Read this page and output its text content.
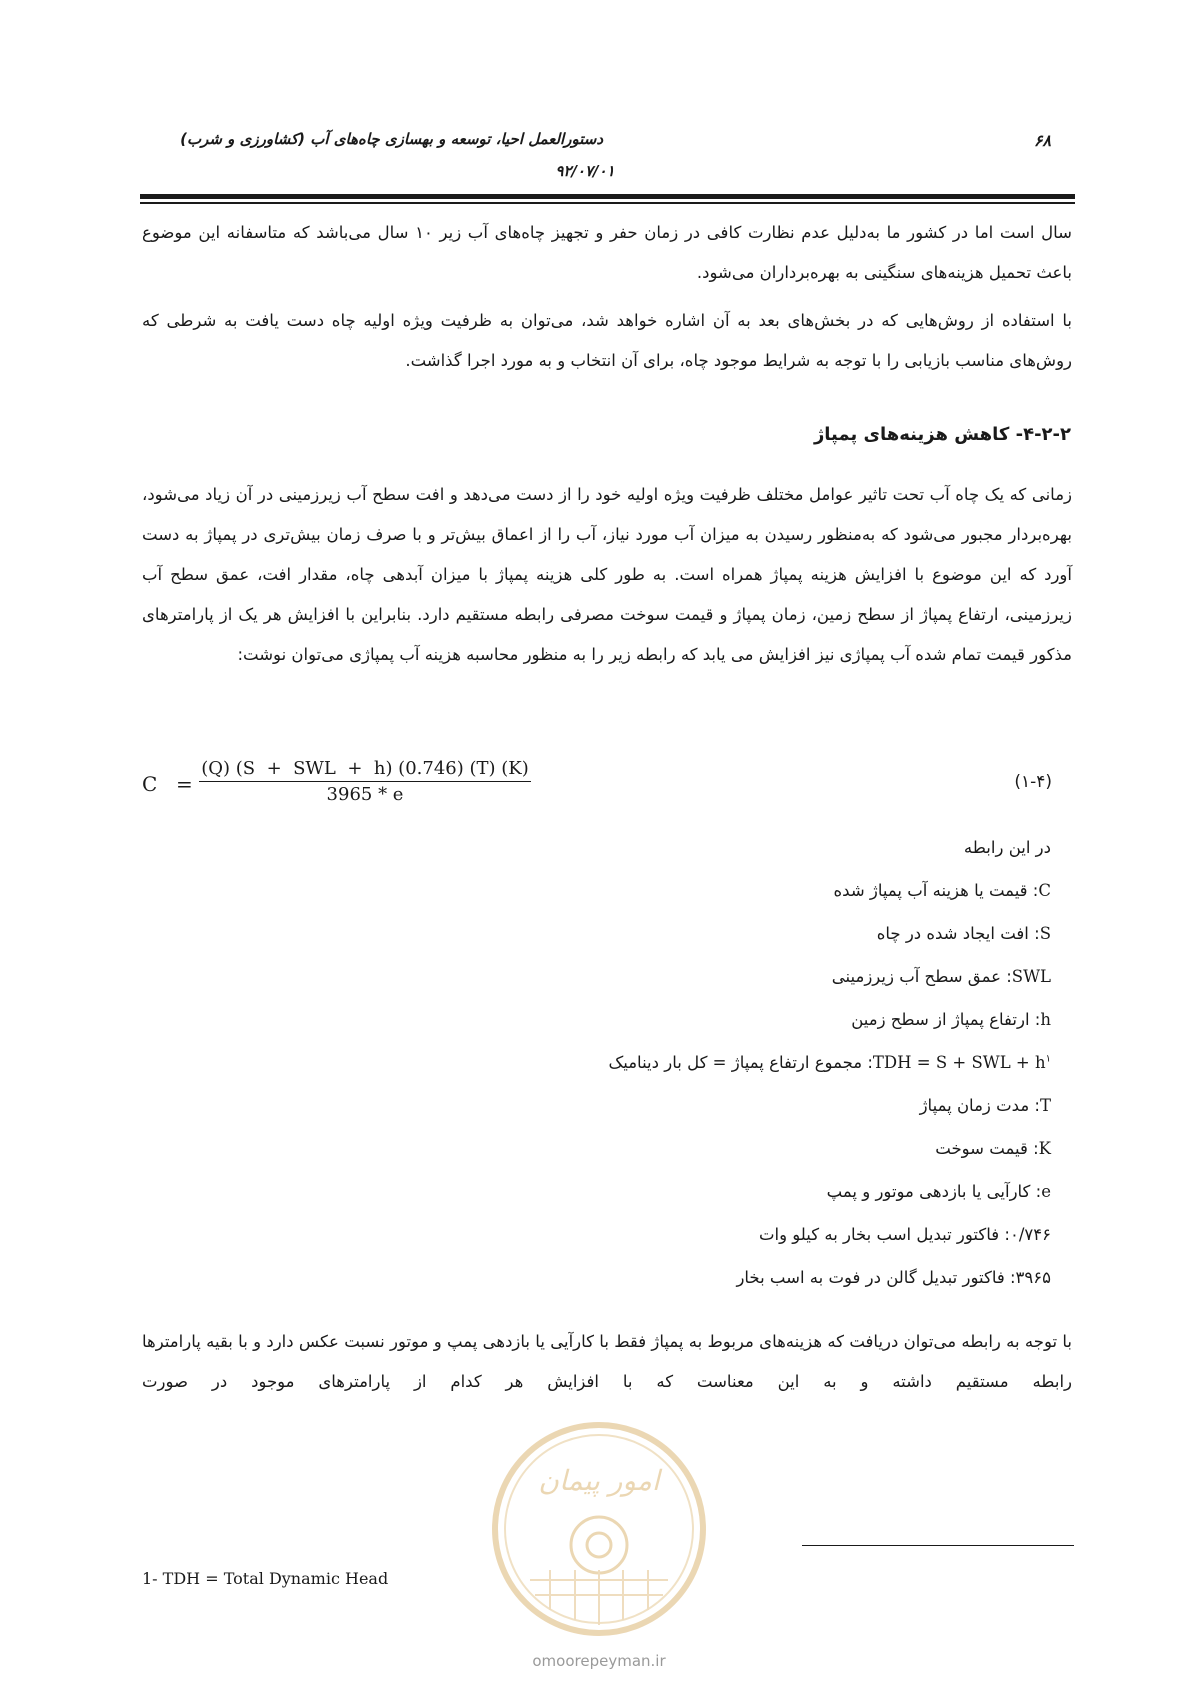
دستورالعمل احیا، توسعه و بهسازی چاه‌های آب (کشاورزی و شرب)
۹۲/۰۷/۰۱
۶۸
سال است اما در کشور ما به‌دلیل عدم نظارت کافی در زمان حفر و تجهیز چاه‌های آب زیر ۱۰ سال می‌باشد که متاسفانه این موضوع باعث تحمیل هزینه‌های سنگینی به بهره‌برداران می‌شود.
با استفاده از روش‌هایی که در بخش‌های بعد به آن اشاره خواهد شد، می‌توان به ظرفیت ویژه اولیه چاه دست یافت به شرطی که روش‌های مناسب بازیابی را با توجه به شرایط موجود چاه، برای آن انتخاب و به مورد اجرا گذاشت.
۴-۲-۲- کاهش هزینه‌های پمپاژ
زمانی که یک چاه آب تحت تاثیر عوامل مختلف ظرفیت ویژه اولیه خود را از دست می‌دهد و افت سطح آب زیرزمینی در آن زیاد می‌شود، بهره‌بردار مجبور می‌شود که به‌منظور رسیدن به میزان آب مورد نیاز، آب را از اعماق بیش‌تر و با صرف زمان بیش‌تری در پمپاژ به دست آورد که این موضوع با افزایش هزینه پمپاژ همراه است. به طور کلی هزینه پمپاژ با میزان آبدهی چاه، مقدار افت، عمق سطح آب زیرزمینی، ارتفاع پمپاژ از سطح زمین، زمان پمپاژ و قیمت سوخت مصرفی رابطه مستقیم دارد. بنابراین با افزایش هر یک از پارامترهای مذکور قیمت تمام شده آب پمپاژی نیز افزایش می یابد که رابطه زیر را به منظور محاسبه هزینه آب پمپاژی می‌توان نوشت:
C =
(Q) (S  +  SWL  +  h) (0.746) (T) (K)
3965 * e
(۱-۴)
در این رابطه
C: قیمت یا هزینه آب پمپاژ شده
S: افت ایجاد شده در چاه
SWL: عمق سطح آب زیرزمینی
h: ارتفاع پمپاژ از سطح زمین
TDH = S + SWL + h$^۱$: مجموع ارتفاع پمپاژ = کل بار دینامیک
T: مدت زمان پمپاژ
K: قیمت سوخت
e: کارآیی یا بازدهی موتور و پمپ
۰/۷۴۶: فاکتور تبدیل اسب بخار به کیلو وات
۳۹۶۵: فاکتور تبدیل گالن در فوت به اسب بخار
با توجه به رابطه می‌توان دریافت که هزینه‌های مربوط به پمپاژ فقط با کارآیی یا بازدهی پمپ و موتور نسبت عکس دارد و با بقیه پارامترها رابطه مستقیم داشته و به این معناست که با افزایش هر کدام از پارامترهای موجود در صورت
امور پیمان
omoorepeyman.ir
1- TDH = Total Dynamic Head
